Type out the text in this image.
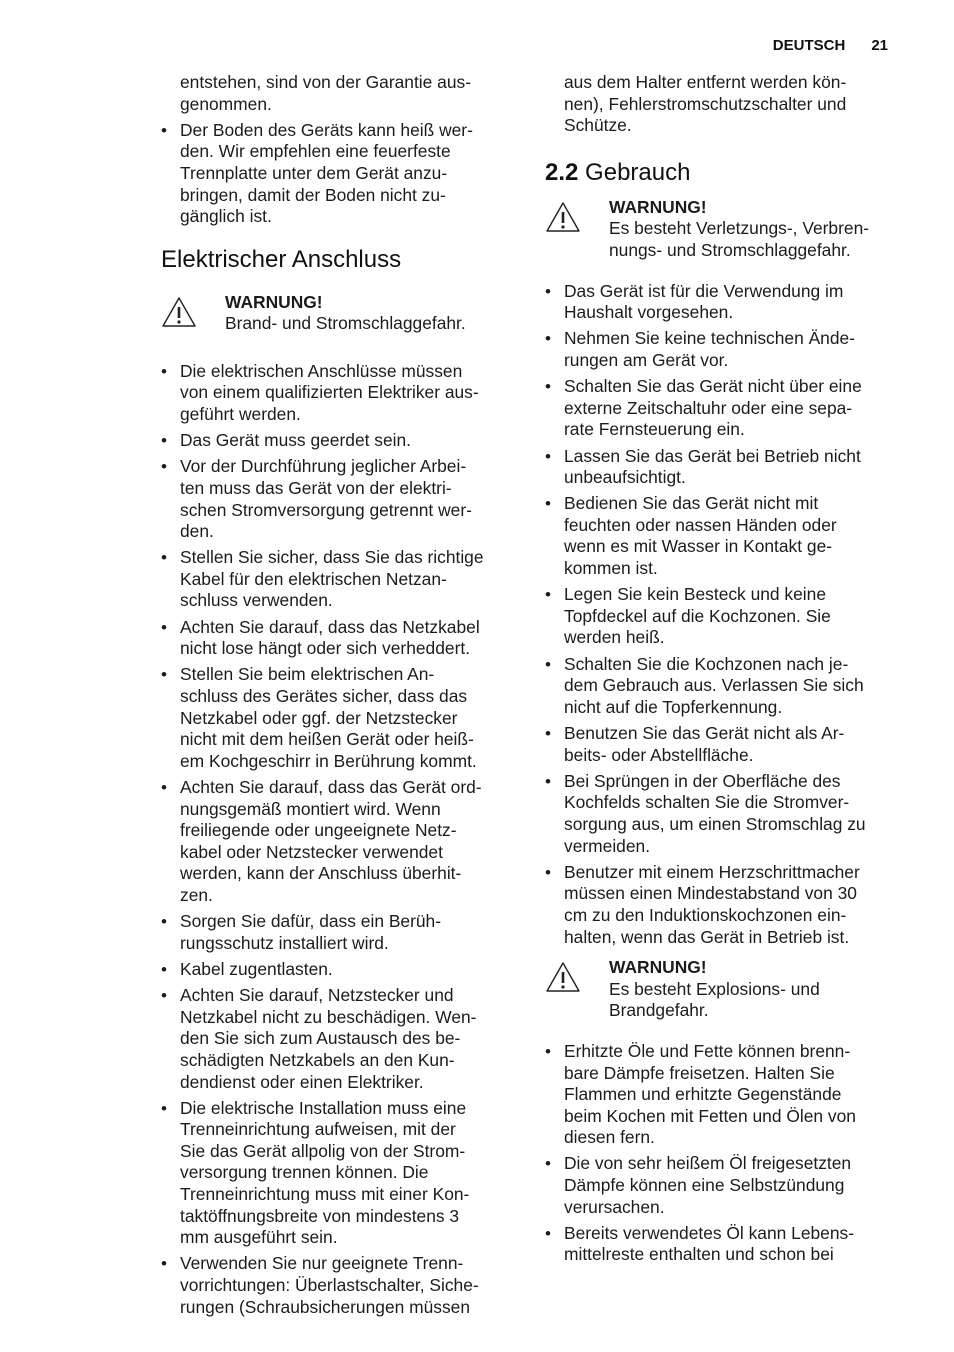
DEUTSCH 21
entstehen, sind von der Garantie aus-
genommen.
• Der Boden des Geräts kann heiß wer-
den. Wir empfehlen eine feuerfeste
Trennplatte unter dem Gerät anzu-
bringen, damit der Boden nicht zu-
gänglich ist.
Elektrischer Anschluss
WARNUNG!
Brand- und Stromschlaggefahr.
• Die elektrischen Anschlüsse müssen
von einem qualifizierten Elektriker aus-
geführt werden.
• Das Gerät muss geerdet sein.
• Vor der Durchführung jeglicher Arbei-
ten muss das Gerät von der elektri-
schen Stromversorgung getrennt wer-
den.
• Stellen Sie sicher, dass Sie das richtige
Kabel für den elektrischen Netzan-
schluss verwenden.
• Achten Sie darauf, dass das Netzkabel
nicht lose hängt oder sich verheddert.
• Stellen Sie beim elektrischen An-
schluss des Gerätes sicher, dass das
Netzkabel oder ggf. der Netzstecker
nicht mit dem heißen Gerät oder heiß-
em Kochgeschirr in Berührung kommt.
• Achten Sie darauf, dass das Gerät ord-
nungsgemäß montiert wird. Wenn
freiliegende oder ungeeignete Netz-
kabel oder Netzstecker verwendet
werden, kann der Anschluss überhit-
zen.
• Sorgen Sie dafür, dass ein Berüh-
rungsschutz installiert wird.
• Kabel zugentlasten.
• Achten Sie darauf, Netzstecker und
Netzkabel nicht zu beschädigen. Wen-
den Sie sich zum Austausch des be-
schädigten Netzkabels an den Kun-
dendienst oder einen Elektriker.
• Die elektrische Installation muss eine
Trenneinrichtung aufweisen, mit der
Sie das Gerät allpolig von der Strom-
versorgung trennen können. Die
Trenneinrichtung muss mit einer Kon-
taktöffnungsbreite von mindestens 3
mm ausgeführt sein.
• Verwenden Sie nur geeignete Trenn-
vorrichtungen: Überlastschalter, Siche-
rungen (Schraubsicherungen müssen
aus dem Halter entfernt werden kön-
nen), Fehlerstromschutzschalter und
Schütze.
2.2 Gebrauch
WARNUNG!
Es besteht Verletzungs-, Verbren-
nungs- und Stromschlaggefahr.
• Das Gerät ist für die Verwendung im
Haushalt vorgesehen.
• Nehmen Sie keine technischen Ände-
rungen am Gerät vor.
• Schalten Sie das Gerät nicht über eine
externe Zeitschaltuhr oder eine sepa-
rate Fernsteuerung ein.
• Lassen Sie das Gerät bei Betrieb nicht
unbeaufsichtigt.
• Bedienen Sie das Gerät nicht mit
feuchten oder nassen Händen oder
wenn es mit Wasser in Kontakt ge-
kommen ist.
• Legen Sie kein Besteck und keine
Topfdeckel auf die Kochzonen. Sie
werden heiß.
• Schalten Sie die Kochzonen nach je-
dem Gebrauch aus. Verlassen Sie sich
nicht auf die Topferkennung.
• Benutzen Sie das Gerät nicht als Ar-
beits- oder Abstellfläche.
• Bei Sprüngen in der Oberfläche des
Kochfelds schalten Sie die Stromver-
sorgung aus, um einen Stromschlag zu
vermeiden.
• Benutzer mit einem Herzschrittmacher
müssen einen Mindestabstand von 30
cm zu den Induktionskochzonen ein-
halten, wenn das Gerät in Betrieb ist.
WARNUNG!
Es besteht Explosions- und
Brandgefahr.
• Erhitzte Öle und Fette können brenn-
bare Dämpfe freisetzen. Halten Sie
Flammen und erhitzte Gegenstände
beim Kochen mit Fetten und Ölen von
diesen fern.
• Die von sehr heißem Öl freigesetzten
Dämpfe können eine Selbstzündung
verursachen.
• Bereits verwendetes Öl kann Lebens-
mittelreste enthalten und schon bei
